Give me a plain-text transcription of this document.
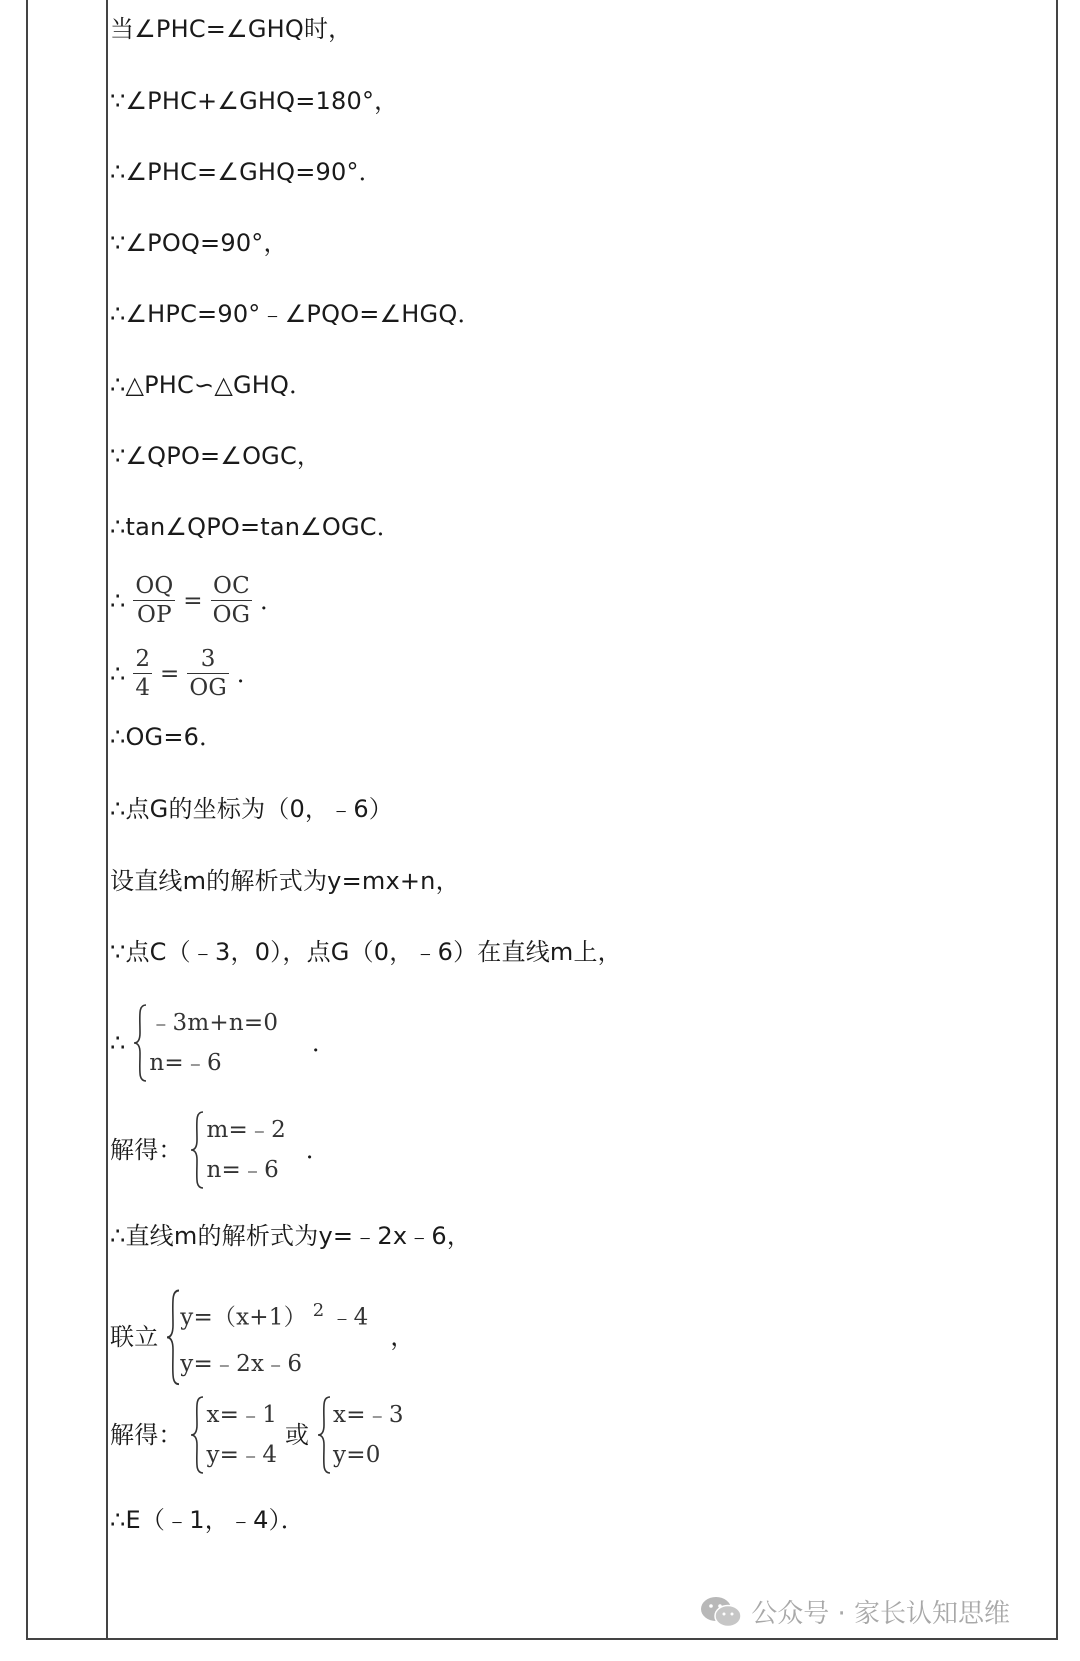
当∠PHC=∠GHQ时，
∵∠PHC+∠GHQ=180°，
∴∠PHC=∠GHQ=90°．
∵∠POQ=90°，
∴∠HPC=90°﹣∠PQO=∠HGQ．
∴△PHC∽△GHQ．
∵∠QPO=∠OGC，
∴tan∠QPO=tan∠OGC．
∴ $\frac{OQ}{OP} = \frac{OC}{OG}$ ．
∴ $\frac{2}{4} = \frac{3}{OG}$ ．
∴OG=6．
∴点G的坐标为（0，﹣6）
设直线m的解析式为y=mx+n，
∵点C（﹣3，0），点G（0，﹣6）在直线m上，
∴
﹣3m+n=0
n=﹣6
．
解得：
m=﹣2
n=﹣6
．
∴直线m的解析式为y=﹣2x﹣6，
联立
y=（x+1） $^2$ ﹣4
y=﹣2x﹣6
，
解得：
x=﹣1
y=﹣4
或
x=﹣3
y=0
∴E（﹣1，﹣4）．
公众号 · 家长认知思维
